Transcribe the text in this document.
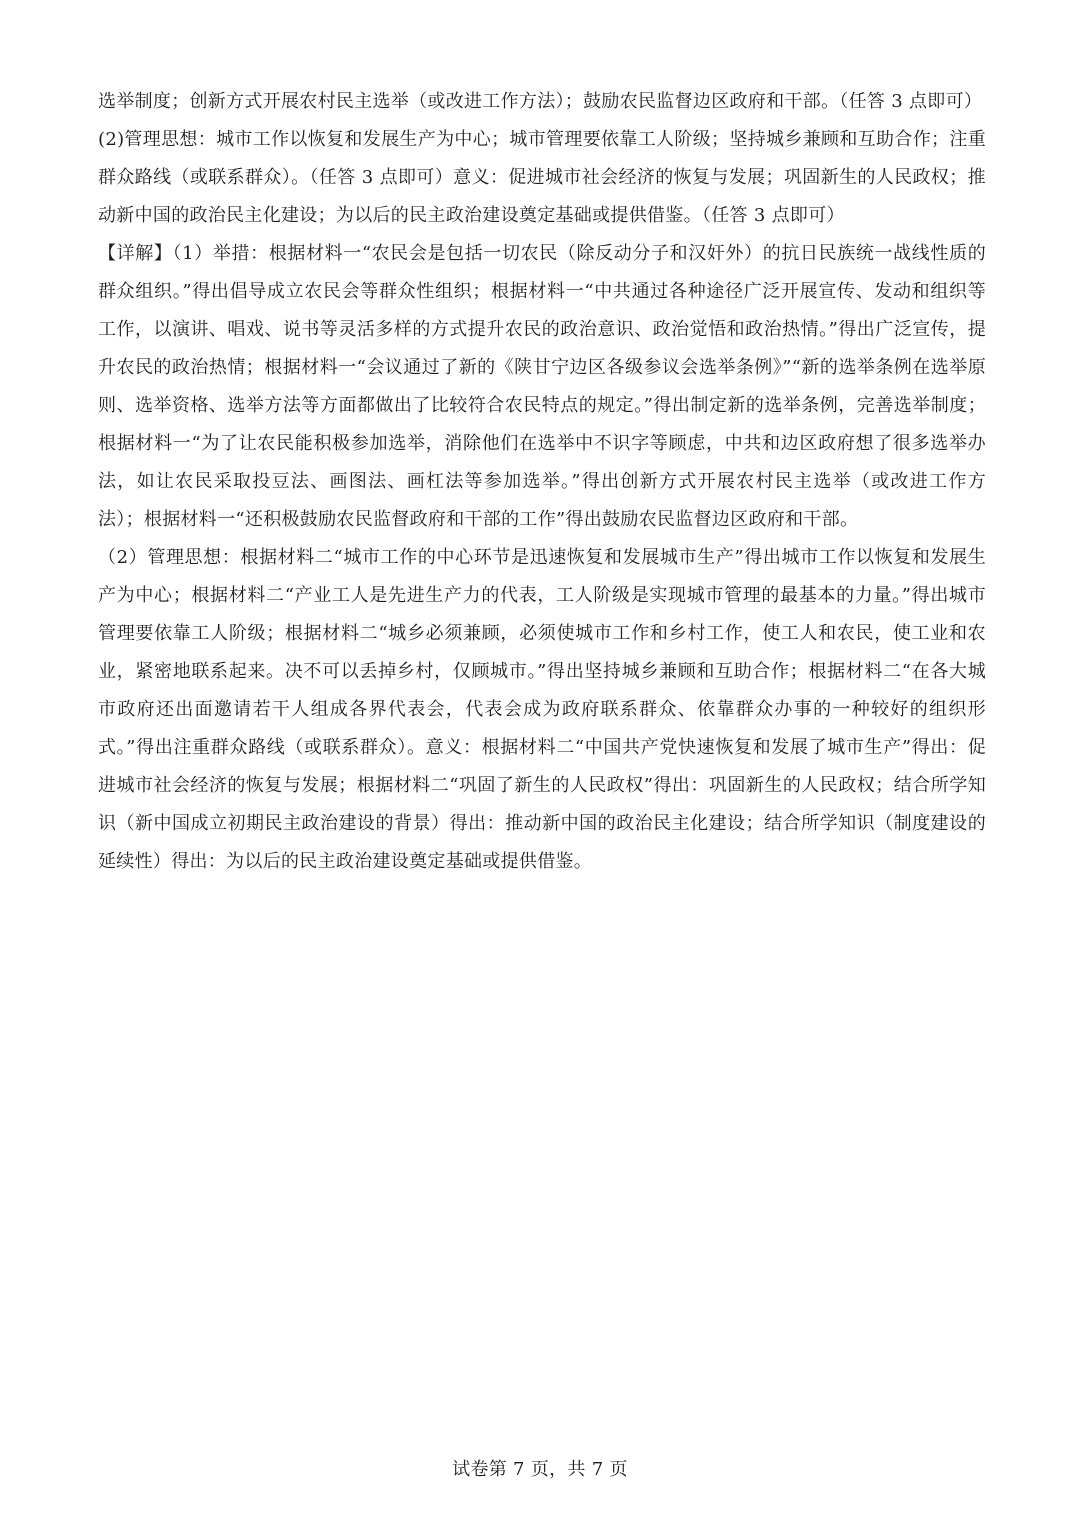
选举制度；创新方式开展农村民主选举（或改进工作方法）；鼓励农民监督边区政府和干部。（任答 3 点即可）

(2)管理思想：城市工作以恢复和发展生产为中心；城市管理要依靠工人阶级；坚持城乡兼顾和互助合作；注重群众路线（或联系群众）。（任答 3 点即可）意义：促进城市社会经济的恢复与发展；巩固新生的人民政权；推动新中国的政治民主化建设；为以后的民主政治建设奠定基础或提供借鉴。（任答 3 点即可）

【详解】（1）举措：根据材料一“农民会是包括一切农民（除反动分子和汉奸外）的抗日民族统一战线性质的群众组织。”得出倡导成立农民会等群众性组织；根据材料一“中共通过各种途径广泛开展宣传、发动和组织等工作，以演讲、唱戏、说书等灵活多样的方式提升农民的政治意识、政治觉悟和政治热情。”得出广泛宣传，提升农民的政治热情；根据材料一“会议通过了新的《陕甘宁边区各级参议会选举条例》”“新的选举条例在选举原则、选举资格、选举方法等方面都做出了比较符合农民特点的规定。”得出制定新的选举条例，完善选举制度；根据材料一“为了让农民能积极参加选举，消除他们在选举中不识字等顾虑，中共和边区政府想了很多选举办法，如让农民采取投豆法、画图法、画杠法等参加选举。”得出创新方式开展农村民主选举（或改进工作方法）；根据材料一“还积极鼓励农民监督政府和干部的工作”得出鼓励农民监督边区政府和干部。

（2）管理思想：根据材料二“城市工作的中心环节是迅速恢复和发展城市生产”得出城市工作以恢复和发展生产为中心；根据材料二“产业工人是先进生产力的代表，工人阶级是实现城市管理的最基本的力量。”得出城市管理要依靠工人阶级；根据材料二“城乡必须兼顾，必须使城市工作和乡村工作，使工人和农民，使工业和农业，紧密地联系起来。决不可以丢掉乡村，仅顾城市。”得出坚持城乡兼顾和互助合作；根据材料二“在各大城市政府还出面邀请若干人组成各界代表会，代表会成为政府联系群众、依靠群众办事的一种较好的组织形式。”得出注重群众路线（或联系群众）。意义：根据材料二“中国共产党快速恢复和发展了城市生产”得出：促进城市社会经济的恢复与发展；根据材料二“巩固了新生的人民政权”得出：巩固新生的人民政权；结合所学知识（新中国成立初期民主政治建设的背景）得出：推动新中国的政治民主化建设；结合所学知识（制度建设的延续性）得出：为以后的民主政治建设奠定基础或提供借鉴。

试卷第 7 页，共 7 页
